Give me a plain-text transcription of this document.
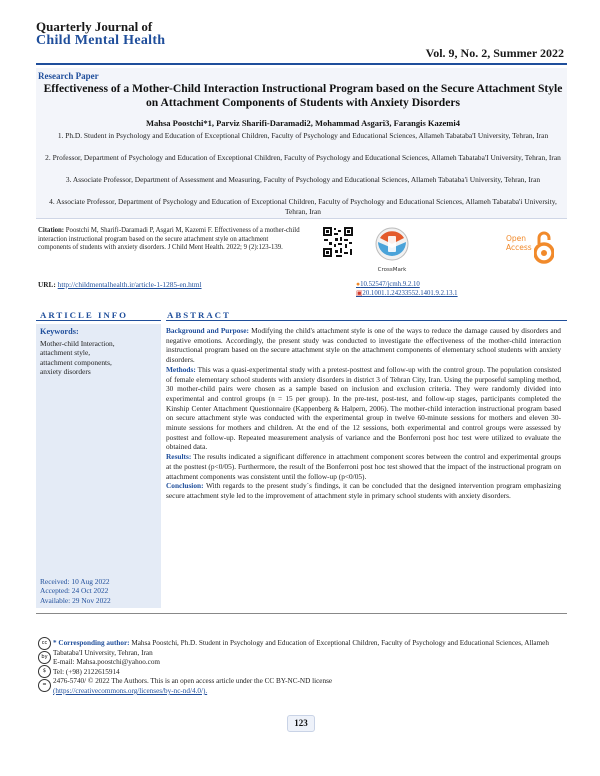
Quarterly Journal of
Child Mental Health
Vol. 9, No. 2, Summer 2022
Research Paper
Effectiveness of a Mother-Child Interaction Instructional Program based on the Secure Attachment Style on Attachment Components of Students with Anxiety Disorders
Mahsa Poostchi*1, Parviz Sharifi-Daramadi2, Mohammad Asgari3, Farangis Kazemi4
1. Ph.D. Student in Psychology and Education of Exceptional Children, Faculty of Psychology and Educational Sciences, Allameh Tabataba'I University, Tehran, Iran
2. Professor, Department of Psychology and Education of Exceptional Children, Faculty of Psychology and Educational Sciences, Allameh Tabataba'I University, Tehran, Iran
3. Associate Professor, Department of Assessment and Measuring, Faculty of Psychology and Educational Sciences, Allameh Tabataba'i University, Tehran, Iran
4. Associate Professor, Department of Psychology and Education of Exceptional Children, Faculty of Psychology and Educational Sciences, Allameh Tabataba'i University, Tehran, Iran
Citation: Poostchi M, Sharifi-Daramadi P, Asgari M, Kazemi F. Effectiveness of a mother-child interaction instructional program based on the secure attachment style on attachment components of students with anxiety disorders. J Child Ment Health. 2022; 9 (2):123-139.
URL: http://childmentalhealth.ir/article-1-1285-en.html
CrossMark
Open
Access
●10.52547/jcmh.9.2.10
▣20.1001.1.24233552.1401.9.2.13.1
ARTICLE INFO	ABSTRACT
Keywords:
Mother-child Interaction,
attachment style,
attachment components,
anxiety disorders
Received: 10 Aug 2022
Accepted: 24 Oct 2022
Available: 29 Nov 2022

Background and Purpose: Modifying the child's attachment style is one of the ways to reduce the damage caused by disorders and negative emotions. Accordingly, the present study was conducted to investigate the effectiveness of the mother-child interaction instructional program based on the secure attachment style on the attachment components of elementary school students with anxiety disorders.

Methods: This was a quasi-experimental study with a pretest-posttest and follow-up with the control group. The population consisted of female elementary school students with anxiety disorders in district 3 of Tehran City, Iran. Using the purposeful sampling method, 30 mother-child pairs were chosen as a sample based on inclusion and exclusion criteria. They were randomly divided into experimental and control groups (n = 15 per group). In the pre-test, post-test, and follow-up stages, participants completed the Kinship Center Attachment Questionnaire (Kappenberg & Halpern, 2006). The mother-child interaction instructional program based on secure attachment style was conducted with the experimental group in twelve 60-minute sessions for mothers and eleven 30-minute sessions for mothers and children. At the end of the 12 sessions, both experimental and control groups were assessed by posttest and follow-up. Repeated measurement analysis of variance and the Bonferroni post hoc test were utilized to evaluate the obtained data.

Results: The results indicated a significant difference in attachment component scores between the control and experimental groups at the posttest (p<0/05). Furthermore, the result of the Bonferroni post hoc test showed that the impact of the instructional program on attachment components was consistent until the follow-up (p<0/05).

Conclusion: With regards to the present study`s findings, it can be concluded that the designed intervention program emphasizing secure attachment style led to the improvement of attachment style in primary school students with anxiety disorders.

cc
by
$
=
* Corresponding author: Mahsa Poostchi, Ph.D. Student in Psychology and Education of Exceptional Children, Faculty of Psychology and Educational Sciences, Allameh Tabataba'I University, Tehran, Iran
E-mail: Mahsa.poostchi@yahoo.com
Tel: (+98) 2122615914
2476-5740/ © 2022 The Authors. This is an open access article under the CC BY-NC-ND license
(https://creativecommons.org/licenses/by-nc-nd/4.0/).
123
